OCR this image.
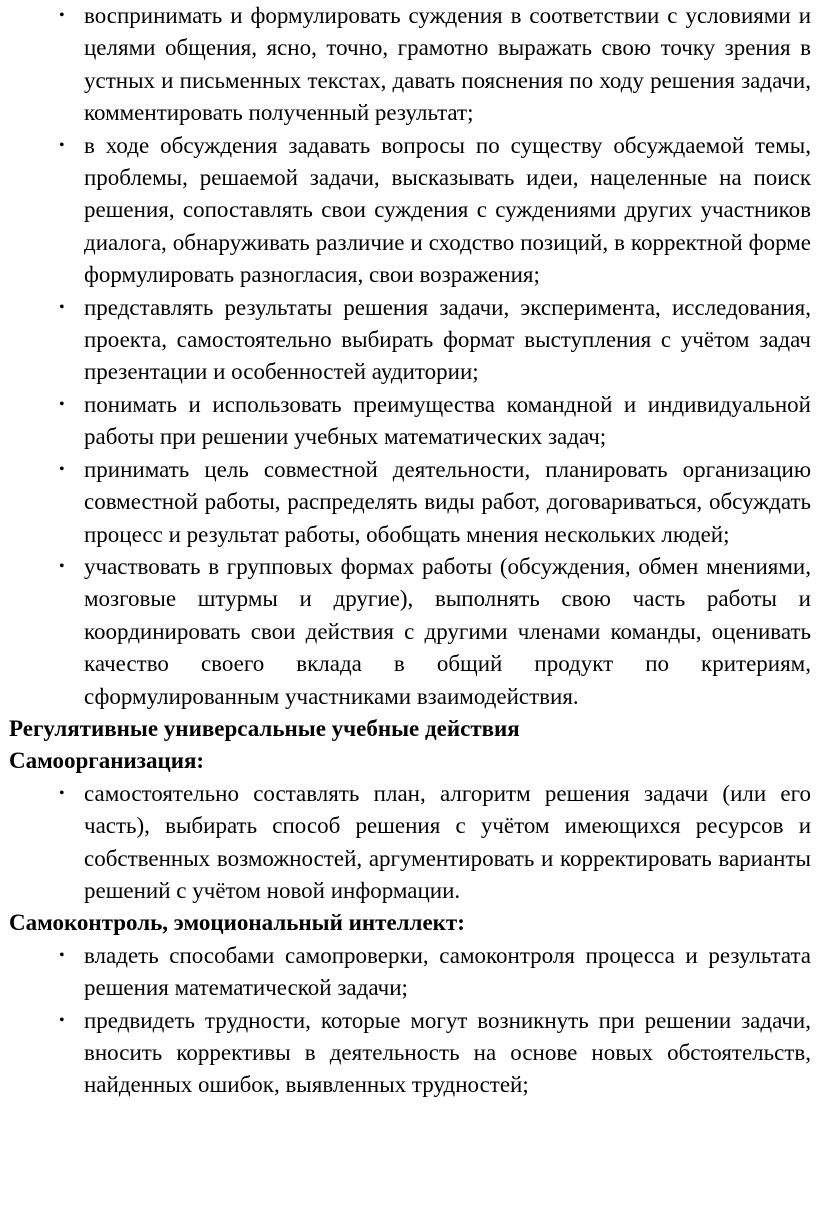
• воспринимать и формулировать суждения в соответствии с условиями и целями общения, ясно, точно, грамотно выражать свою точку зрения в устных и письменных текстах, давать пояснения по ходу решения задачи, комментировать полученный результат;
• в ходе обсуждения задавать вопросы по существу обсуждаемой темы, проблемы, решаемой задачи, высказывать идеи, нацеленные на поиск решения, сопоставлять свои суждения с суждениями других участников диалога, обнаруживать различие и сходство позиций, в корректной форме формулировать разногласия, свои возражения;
• представлять результаты решения задачи, эксперимента, исследования, проекта, самостоятельно выбирать формат выступления с учётом задач презентации и особенностей аудитории;
• понимать и использовать преимущества командной и индивидуальной работы при решении учебных математических задач;
• принимать цель совместной деятельности, планировать организацию совместной работы, распределять виды работ, договариваться, обсуждать процесс и результат работы, обобщать мнения нескольких людей;
• участвовать в групповых формах работы (обсуждения, обмен мнениями, мозговые штурмы и другие), выполнять свою часть работы и координировать свои действия с другими членами команды, оценивать качество своего вклада в общий продукт по критериям, сформулированным участниками взаимодействия.

Регулятивные универсальные учебные действия

Самоорганизация:

• самостоятельно составлять план, алгоритм решения задачи (или его часть), выбирать способ решения с учётом имеющихся ресурсов и собственных возможностей, аргументировать и корректировать варианты решений с учётом новой информации.

Самоконтроль, эмоциональный интеллект:

• владеть способами самопроверки, самоконтроля процесса и результата решения математической задачи;
• предвидеть трудности, которые могут возникнуть при решении задачи, вносить коррективы в деятельность на основе новых обстоятельств, найденных ошибок, выявленных трудностей;
